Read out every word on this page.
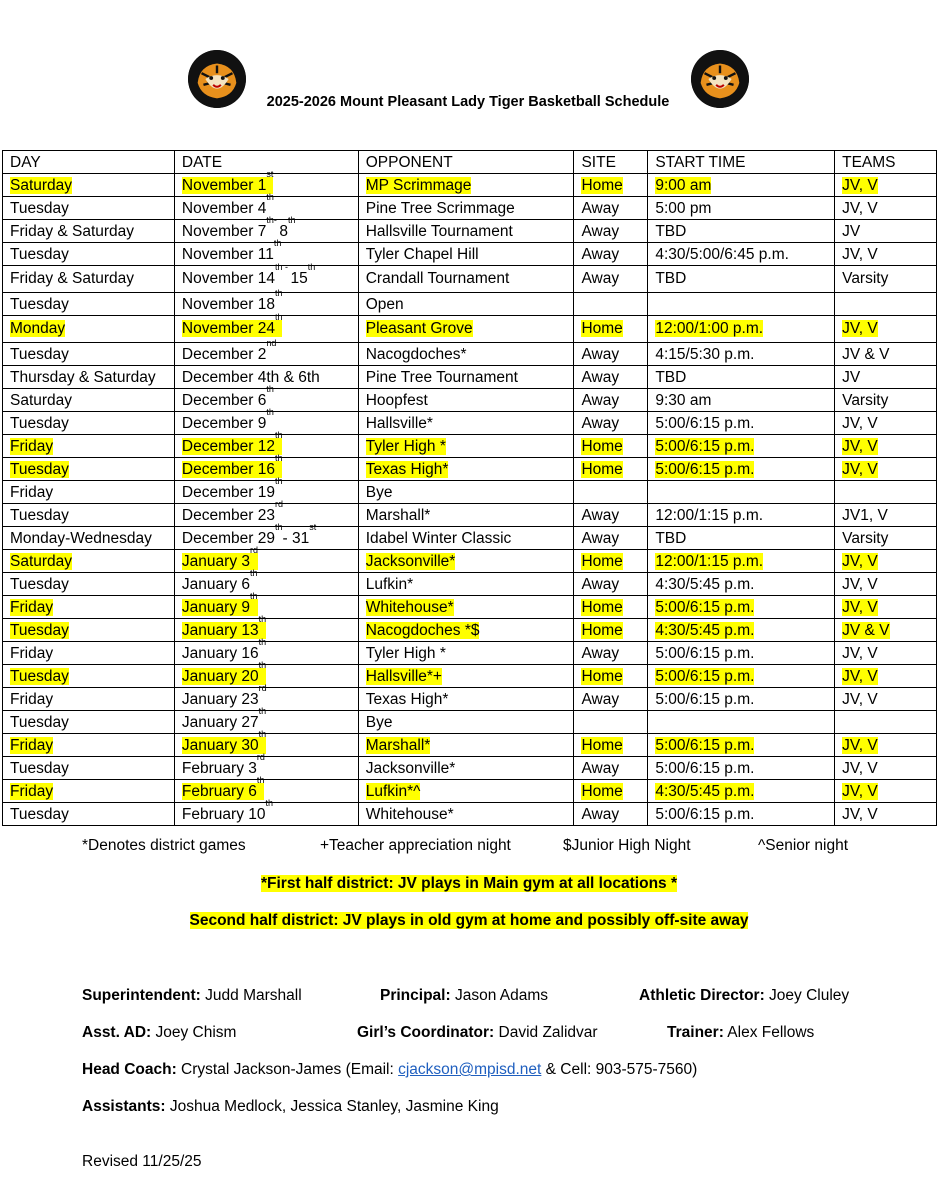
2025-2026 Mount Pleasant Lady Tiger Basketball Schedule
DAY	DATE	OPPONENT	SITE	START TIME	TEAMS
Saturday	November 1st	MP Scrimmage	Home	9:00 am	JV, V
Tuesday	November 4th	Pine Tree Scrimmage	Away	5:00 pm	JV, V
Friday & Saturday	November $7^{th-}$ 8th	Hallsville Tournament	Away	TBD	JV
Tuesday	November 11th	Tyler Chapel Hill	Away	4:30/5:00/6:45 p.m.	JV, V
Friday & Saturday	November $14^{th -}$ 15th	Crandall Tournament	Away	TBD	Varsity
Tuesday	November 18th	Open			
Monday	November 24th	Pleasant Grove	Home	12:00/1:00 p.m.	JV, V
Tuesday	December 2nd	Nacogdoches*	Away	4:15/5:30 p.m.	JV & V
Thursday & Saturday	December 4th & 6th	Pine Tree Tournament	Away	TBD	JV
Saturday	December 6th	Hoopfest	Away	9:30 am	Varsity
Tuesday	December 9th	Hallsville*	Away	5:00/6:15 p.m.	JV, V
Friday	December 12th	Tyler High *	Home	5:00/6:15 p.m.	JV, V
Tuesday	December 16th	Texas High*	Home	5:00/6:15 p.m.	JV, V
Friday	December 19th	Bye			
Tuesday	December 23rd	Marshall*	Away	12:00/1:15 p.m.	JV1, V
Monday-Wednesday	December 29th- 31st	Idabel Winter Classic	Away	TBD	Varsity
Saturday	January 3rd	Jacksonville*	Home	12:00/1:15 p.m.	JV, V
Tuesday	January 6th	Lufkin*	Away	4:30/5:45 p.m.	JV, V
Friday	January 9th	Whitehouse*	Home	5:00/6:15 p.m.	JV, V
Tuesday	January 13th	Nacogdoches *$	Home	4:30/5:45 p.m.	JV & V
Friday	January 16th	Tyler High *	Away	5:00/6:15 p.m.	JV, V
Tuesday	January 20th	Hallsville*+	Home	5:00/6:15 p.m.	JV, V
Friday	January 23rd	Texas High*	Away	5:00/6:15 p.m.	JV, V
Tuesday	January 27th	Bye			
Friday	January 30th	Marshall*	Home	5:00/6:15 p.m.	JV, V
Tuesday	February 3rd	Jacksonville*	Away	5:00/6:15 p.m.	JV, V
Friday	February 6th	Lufkin*^	Home	4:30/5:45 p.m.	JV, V
Tuesday	February 10th	Whitehouse*	Away	5:00/6:15 p.m.	JV, V
*Denotes district games	+Teacher appreciation night	$Junior High Night	^Senior night
*First half district: JV plays in Main gym at all locations *
Second half district: JV plays in old gym at home and possibly off-site away
Superintendent: Judd Marshall	Principal: Jason Adams	Athletic Director: Joey Cluley
Asst. AD: Joey Chism	Girl’s Coordinator: David Zalidvar	Trainer: Alex Fellows
Head Coach: Crystal Jackson-James (Email: cjackson@mpisd.net & Cell: 903-575-7560)
Assistants: Joshua Medlock, Jessica Stanley, Jasmine King
Revised 11/25/25
